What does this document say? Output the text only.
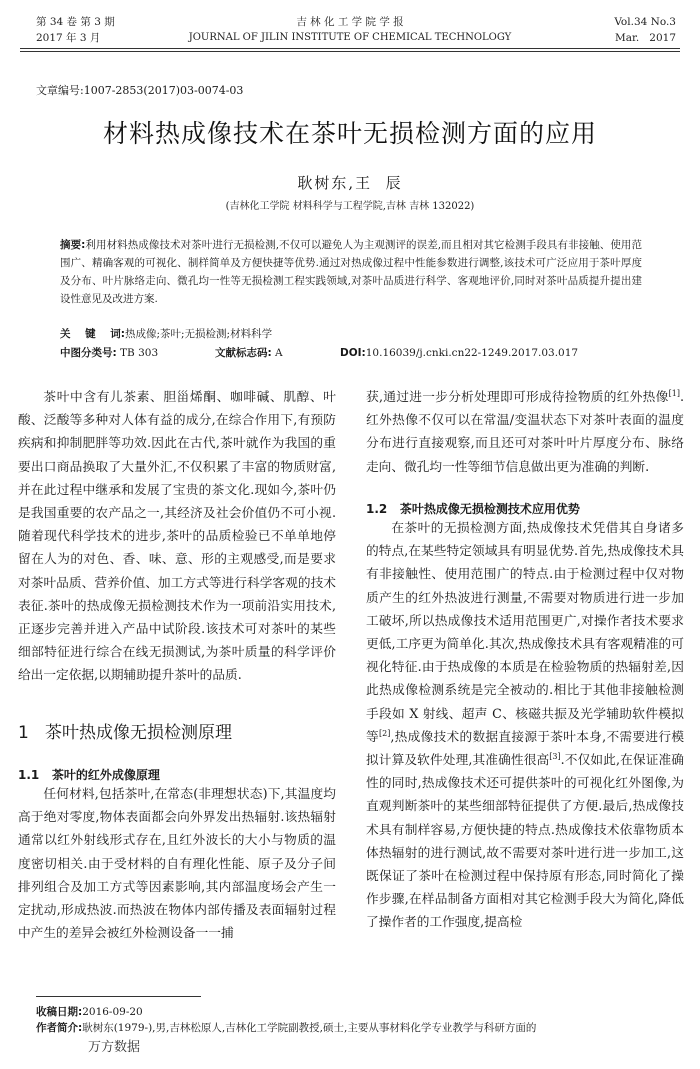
第 34 卷 第 3 期
2017 年 3 月
吉 林 化 工 学 院 学 报
JOURNAL OF JILIN INSTITUTE OF CHEMICAL TECHNOLOGY
Vol.34 No.3
Mar.   2017
文章编号:1007-2853(2017)03-0074-03
材料热成像技术在茶叶无损检测方面的应用
耿树东,王  辰
(吉林化工学院 材料科学与工程学院,吉林 吉林 132022)
摘要:利用材料热成像技术对茶叶进行无损检测,不仅可以避免人为主观测评的误差,而且相对其它检测手段具有非接触、使用范围广、精确客观的可视化、制样简单及方便快捷等优势.通过对热成像过程中性能参数进行调整,该技术可广泛应用于茶叶厚度及分布、叶片脉络走向、微孔均一性等无损检测工程实践领域,对茶叶品质进行科学、客观地评价,同时对茶叶品质提升提出建设性意见及改进方案.
关    键    词:热成像;茶叶;无损检测;材料科学
中图分类号: TB 303	文献标志码: A	DOI:10.16039/j.cnki.cn22-1249.2017.03.017

茶叶中含有儿茶素、胆甾烯酮、咖啡碱、肌醇、叶酸、泛酸等多种对人体有益的成分,在综合作用下,有预防疾病和抑制肥胖等功效.因此在古代,茶叶就作为我国的重要出口商品换取了大量外汇,不仅积累了丰富的物质财富,并在此过程中继承和发展了宝贵的茶文化.现如今,茶叶仍是我国重要的农产品之一,其经济及社会价值仍不可小视.随着现代科学技术的进步,茶叶的品质检验已不单单地停留在人为的对色、香、味、意、形的主观感受,而是要求对茶叶品质、营养价值、加工方式等进行科学客观的技术表征.茶叶的热成像无损检测技术作为一项前沿实用技术,正逐步完善并进入产品中试阶段.该技术可对茶叶的某些细部特征进行综合在线无损测试,为茶叶质量的科学评价给出一定依据,以期辅助提升茶叶的品质.

1 茶叶热成像无损检测原理
1.1 茶叶的红外成像原理

任何材料,包括茶叶,在常态(非理想状态)下,其温度均高于绝对零度,物体表面都会向外界发出热辐射.该热辐射通常以红外射线形式存在,且红外波长的大小与物质的温度密切相关.由于受材料的自有理化性能、原子及分子间排列组合及加工方式等因素影响,其内部温度场会产生一定扰动,形成热波.而热波在物体内部传播及表面辐射过程中产生的差异会被红外检测设备一一捕

获,通过进一步分析处理即可形成待捡物质的红外热像[1].红外热像不仅可以在常温/变温状态下对茶叶表面的温度分布进行直接观察,而且还可对茶叶叶片厚度分布、脉络走向、微孔均一性等细节信息做出更为准确的判断.

1.2 茶叶热成像无损检测技术应用优势

在茶叶的无损检测方面,热成像技术凭借其自身诸多的特点,在某些特定领域具有明显优势.首先,热成像技术具有非接触性、使用范围广的特点.由于检测过程中仅对物质产生的红外热波进行测量,不需要对物质进行进一步加工破坏,所以热成像技术适用范围更广,对操作者技术要求更低,工序更为简单化.其次,热成像技术具有客观精准的可视化特征.由于热成像的本质是在检验物质的热辐射差,因此热成像检测系统是完全被动的.相比于其他非接触检测手段如 X 射线、超声 C、核磁共振及光学辅助软件模拟等[2],热成像技术的数据直接源于茶叶本身,不需要进行模拟计算及软件处理,其准确性很高[3].不仅如此,在保证准确性的同时,热成像技术还可提供茶叶的可视化红外图像,为直观判断茶叶的某些细部特征提供了方便.最后,热成像技术具有制样容易,方便快捷的特点.热成像技术依靠物质本体热辐射的进行测试,故不需要对茶叶进行进一步加工,这既保证了茶叶在检测过程中保持原有形态,同时简化了操作步骤,在样品制备方面相对其它检测手段大为简化,降低了操作者的工作强度,提高检

收稿日期:2016-09-20
作者简介:耿树东(1979-),男,吉林松原人,吉林化工学院副教授,硕士,主要从事材料化学专业教学与科研方面的
万方数据
